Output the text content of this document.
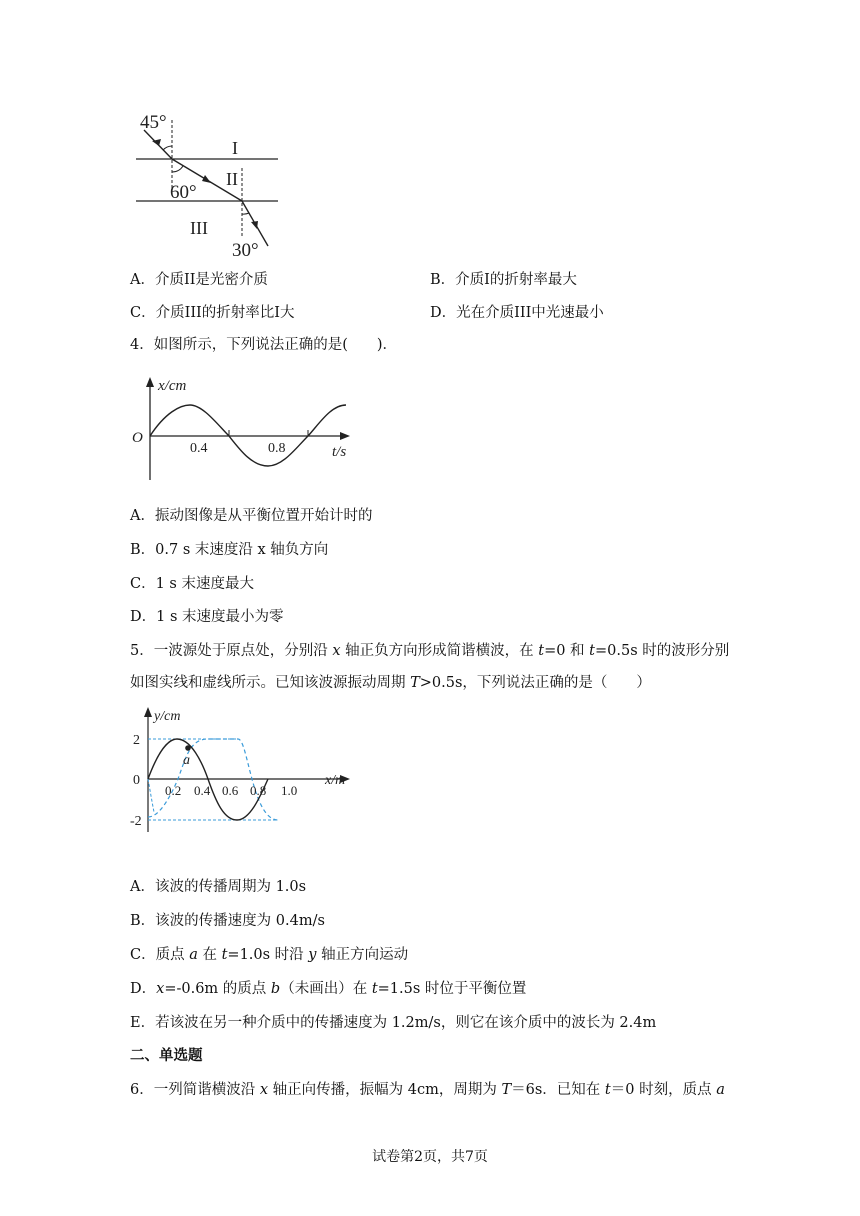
45°
60°
30°
I
II
III
A．介质II是光密介质	B．介质I的折射率最大
C．介质III的折射率比I大	D．光在介质III中光速最小
4．如图所示，下列说法正确的是(　　)．
x/cm
O
0.4	0.8	t/s
A．振动图像是从平衡位置开始计时的
B．0.7 s 末速度沿 x 轴负方向
C．1 s 末速度最大
D．1 s 末速度最小为零
5．一波源处于原点处，分别沿 x 轴正负方向形成简谐横波，在 t=0 和 t=0.5s 时的波形分别
如图实线和虚线所示。已知该波源振动周期 T>0.5s，下列说法正确的是（　　）
a
y/cm
2
0
-2
0.2 0.4 0.6 0.8 1.0
x/m
A．该波的传播周期为 1.0s
B．该波的传播速度为 0.4m/s
C．质点 a 在 t=1.0s 时沿 y 轴正方向运动
D．x=-0.6m 的质点 b（未画出）在 t=1.5s 时位于平衡位置
E．若该波在另一种介质中的传播速度为 1.2m/s，则它在该介质中的波长为 2.4m
二、单选题
6．一列简谐横波沿 x 轴正向传播，振幅为 4cm，周期为 T＝6s．已知在 t＝0 时刻，质点 a
试卷第2页，共7页
